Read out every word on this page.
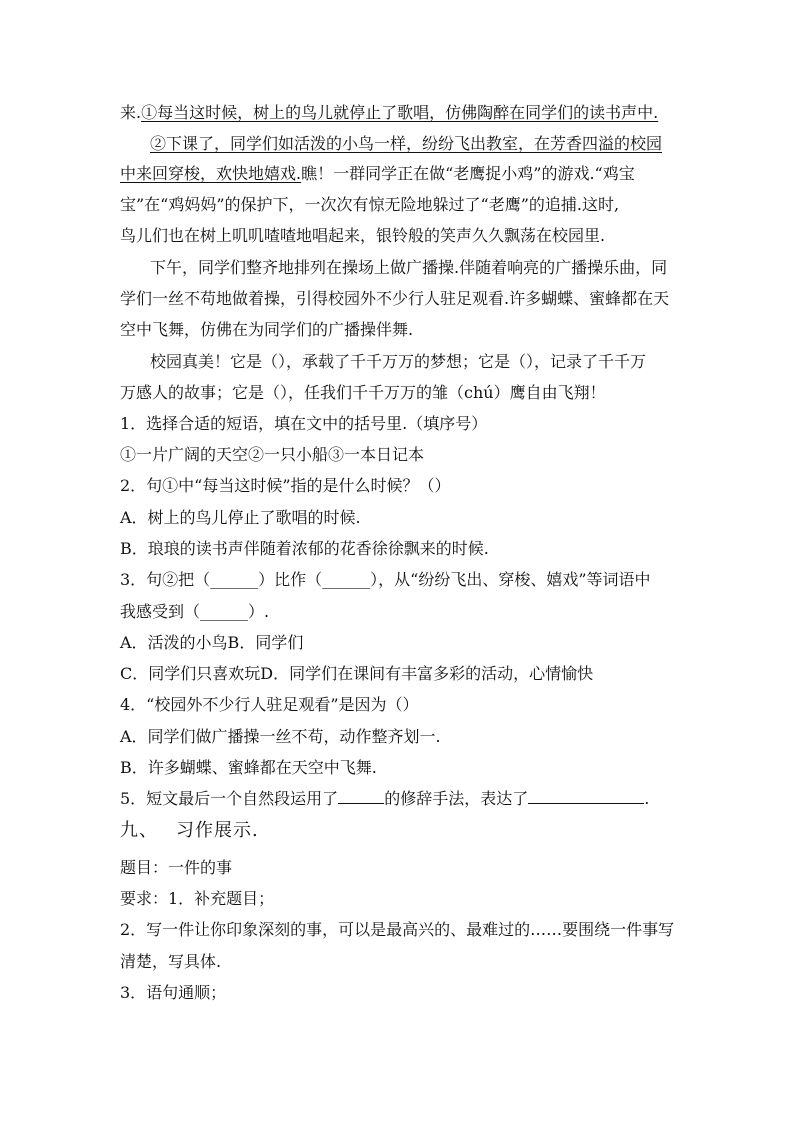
来.①每当这时候，树上的鸟儿就停止了歌唱，仿佛陶醉在同学们的读书声中.
②下课了，同学们如活泼的小鸟一样，纷纷飞出教室，在芳香四溢的校园
中来回穿梭，欢快地嬉戏.瞧！一群同学正在做“老鹰捉小鸡”的游戏.“鸡宝
宝”在“鸡妈妈”的保护下，一次次有惊无险地躲过了“老鹰”的追捕.这时,
鸟儿们也在树上叽叽喳喳地唱起来，银铃般的笑声久久飘荡在校园里.
下午，同学们整齐地排列在操场上做广播操.伴随着响亮的广播操乐曲，同
学们一丝不苟地做着操，引得校园外不少行人驻足观看.许多蝴蝶、蜜蜂都在天
空中飞舞，仿佛在为同学们的广播操伴舞.
校园真美！它是（），承载了千千万万的梦想；它是（），记录了千千万
万感人的故事；它是（），任我们千千万万的雏（chú）鹰自由飞翔！
1．选择合适的短语，填在文中的括号里.（填序号）
①一片广阔的天空②一只小船③一本日记本
2．句①中“每当这时候”指的是什么时候？（）
A．树上的鸟儿停止了歌唱的时候.
B．琅琅的读书声伴随着浓郁的花香徐徐飘来的时候.
3．句②把（______）比作（______），从“纷纷飞出、穿梭、嬉戏”等词语中
我感受到（______）.
A．活泼的小鸟B．同学们
C．同学们只喜欢玩D．同学们在课间有丰富多彩的活动，心情愉快
4．“校园外不少行人驻足观看”是因为（）
A．同学们做广播操一丝不苟，动作整齐划一.
B．许多蝴蝶、蜜蜂都在天空中飞舞.
5．短文最后一个自然段运用了	的修辞手法，表达了	.
九、 习作展示.
题目：一件的事
要求：1．补充题目；
2．写一件让你印象深刻的事，可以是最高兴的、最难过的……要围绕一件事写
清楚，写具体.
3．语句通顺；
